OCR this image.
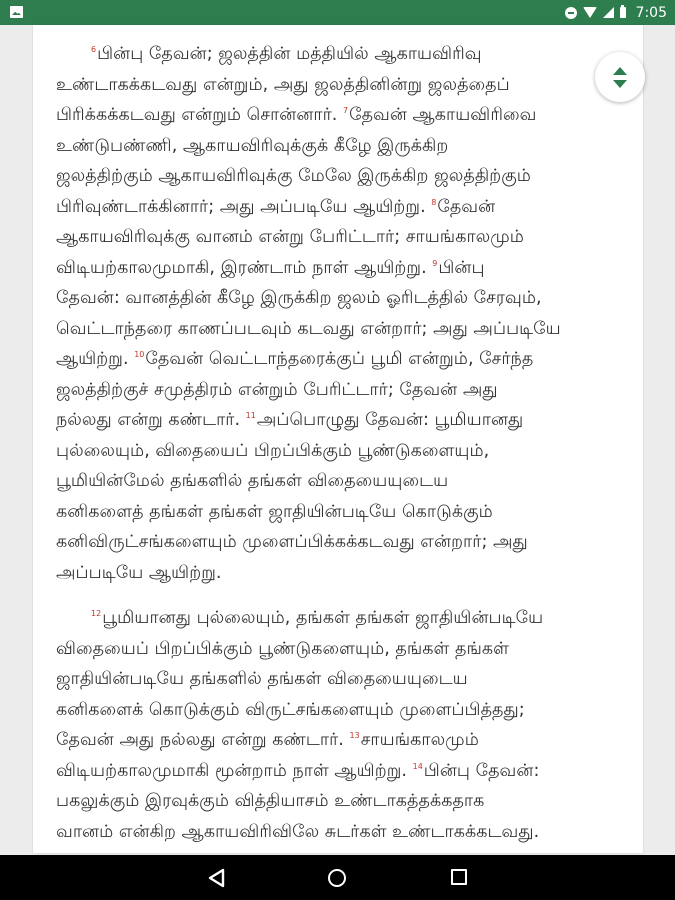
7:05

$^6$பின்பு தேவன்; ஜலத்தின் மத்தியில் ஆகாயவிரிவு
உண்டாகக்கடவது என்றும், அது ஜலத்தினின்று ஜலத்தைப்
பிரிக்கக்கடவது என்றும் சொன்னார். $^7$தேவன் ஆகாயவிரிவை
உண்டுபண்ணி, ஆகாயவிரிவுக்குக் கீழே இருக்கிற
ஜலத்திற்கும் ஆகாயவிரிவுக்கு மேலே இருக்கிற ஜலத்திற்கும்
பிரிவுண்டாக்கினார்; அது அப்படியே ஆயிற்று. $^8$தேவன்
ஆகாயவிரிவுக்கு வானம் என்று பேரிட்டார்; சாயங்காலமும்
விடியற்காலமுமாகி, இரண்டாம் நாள் ஆயிற்று. $^9$பின்பு
தேவன்: வானத்தின் கீழே இருக்கிற ஜலம் ஓரிடத்தில் சேரவும்,
வெட்டாந்தரை காணப்படவும் கடவது என்றார்; அது அப்படியே
ஆயிற்று. $^{10}$தேவன் வெட்டாந்தரைக்குப் பூமி என்றும், சேர்ந்த
ஜலத்திற்குச் சமுத்திரம் என்றும் பேரிட்டார்; தேவன் அது
நல்லது என்று கண்டார். $^{11}$அப்பொழுது தேவன்: பூமியானது
புல்லையும், விதையைப் பிறப்பிக்கும் பூண்டுகளையும்,
பூமியின்மேல் தங்களில் தங்கள் விதையையுடைய
கனிகளைத் தங்கள் தங்கள் ஜாதியின்படியே கொடுக்கும்
கனிவிருட்சங்களையும் முளைப்பிக்கக்கடவது என்றார்; அது
அப்படியே ஆயிற்று.

$^{12}$பூமியானது புல்லையும், தங்கள் தங்கள் ஜாதியின்படியே
விதையைப் பிறப்பிக்கும் பூண்டுகளையும், தங்கள் தங்கள்
ஜாதியின்படியே தங்களில் தங்கள் விதையையுடைய
கனிகளைக் கொடுக்கும் விருட்சங்களையும் முளைப்பித்தது;
தேவன் அது நல்லது என்று கண்டார். $^{13}$சாயங்காலமும்
விடியற்காலமுமாகி மூன்றாம் நாள் ஆயிற்று. $^{14}$பின்பு தேவன்:
பகலுக்கும் இரவுக்கும் வித்தியாசம் உண்டாகத்தக்கதாக
வானம் என்கிற ஆகாயவிரிவிலே சுடர்கள் உண்டாகக்கடவது.
